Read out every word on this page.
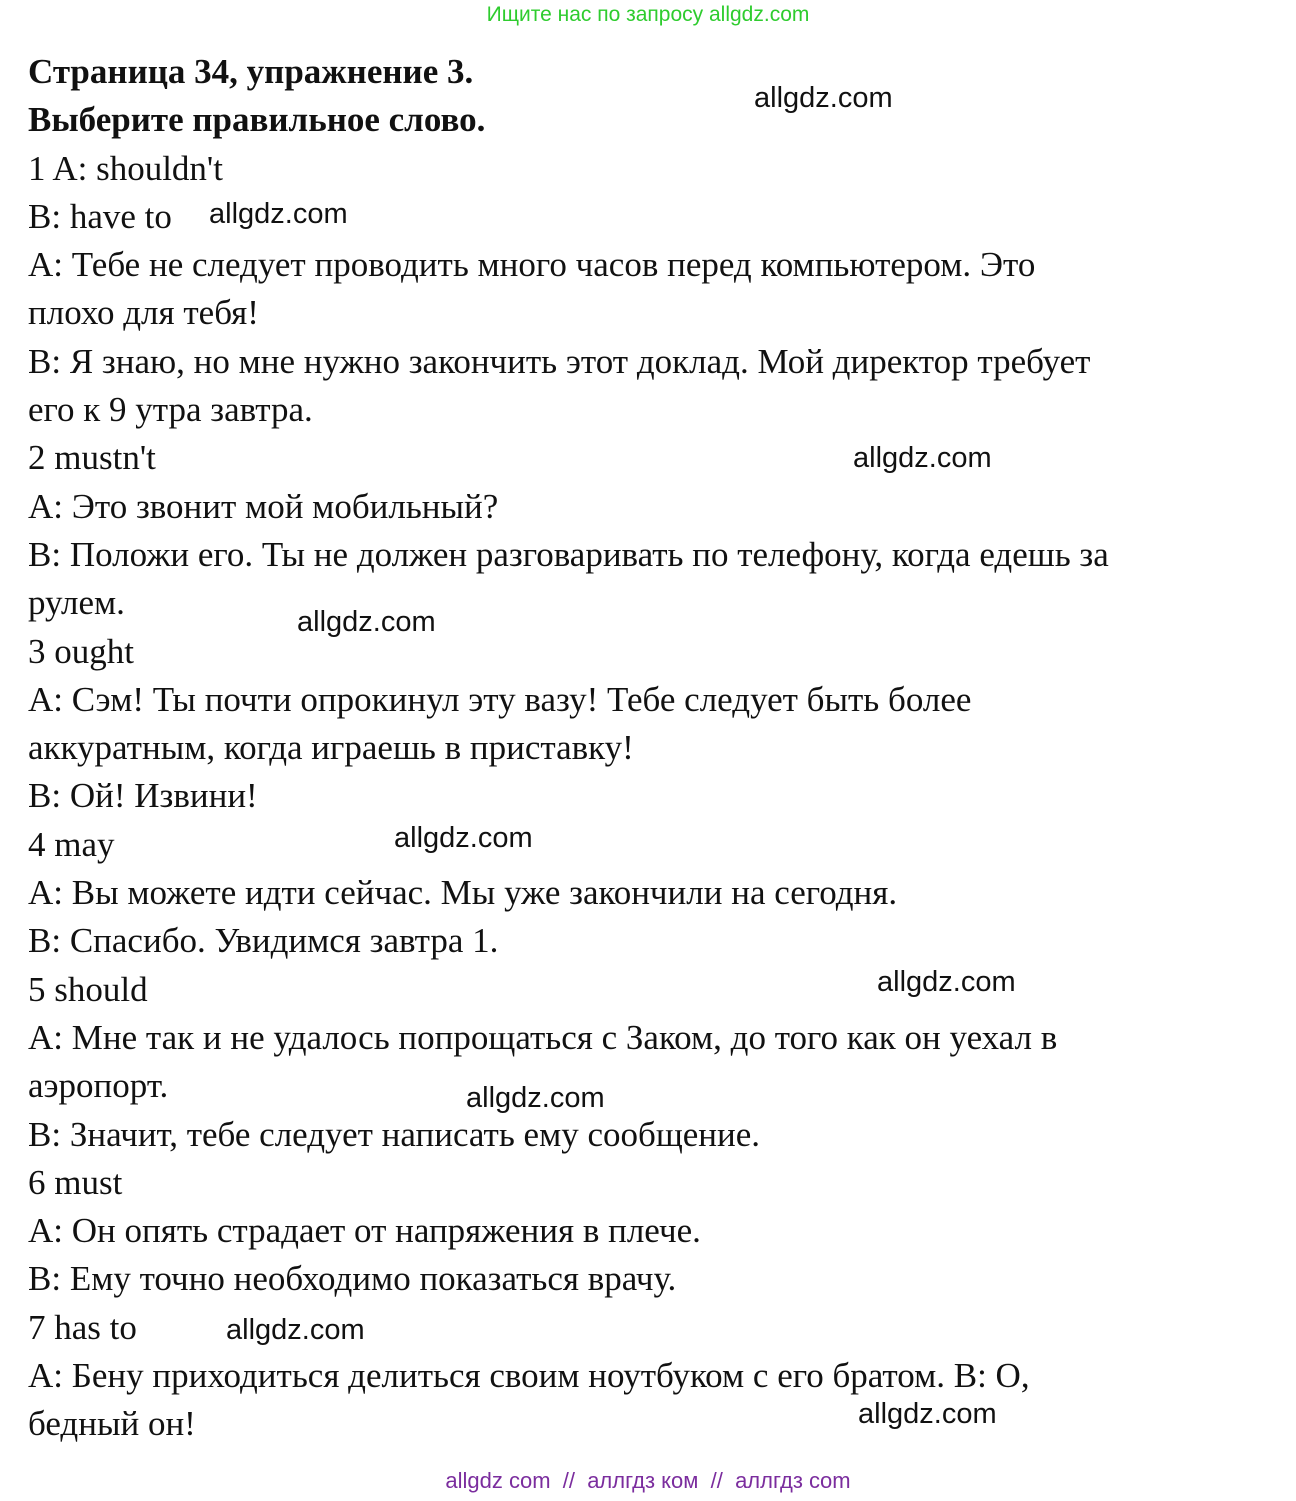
Ищите нас по запросу allgdz.com
Страница 34, упражнение 3.
Выберите правильное слово.
1 A: shouldn't
B: have to
A: Тебе не следует проводить много часов перед компьютером. Это
плохо для тебя!
B: Я знаю, но мне нужно закончить этот доклад. Мой директор требует
его к 9 утра завтра.
2 mustn't
A: Это звонит мой мобильный?
B: Положи его. Ты не должен разговаривать по телефону, когда едешь за
рулем.
3 ought
A: Сэм! Ты почти опрокинул эту вазу! Тебе следует быть более
аккуратным, когда играешь в приставку!
B: Ой! Извини!
4 may
A: Вы можете идти сейчас. Мы уже закончили на сегодня.
B: Спасибо. Увидимся завтра 1.
5 should
A: Мне так и не удалось попрощаться с Заком, до того как он уехал в
аэропорт.
B: Значит, тебе следует написать ему сообщение.
6 must
A: Он опять страдает от напряжения в плече.
B: Ему точно необходимо показаться врачу.
7 has to
A: Бену приходиться делиться своим ноутбуком с его братом. B: О,
бедный он!
allgdz.com
allgdz.com
allgdz.com
allgdz.com
allgdz.com
allgdz.com
allgdz.com
allgdz.com
allgdz.com
allgdz com  //  аллгдз ком  //  аллгдз com
